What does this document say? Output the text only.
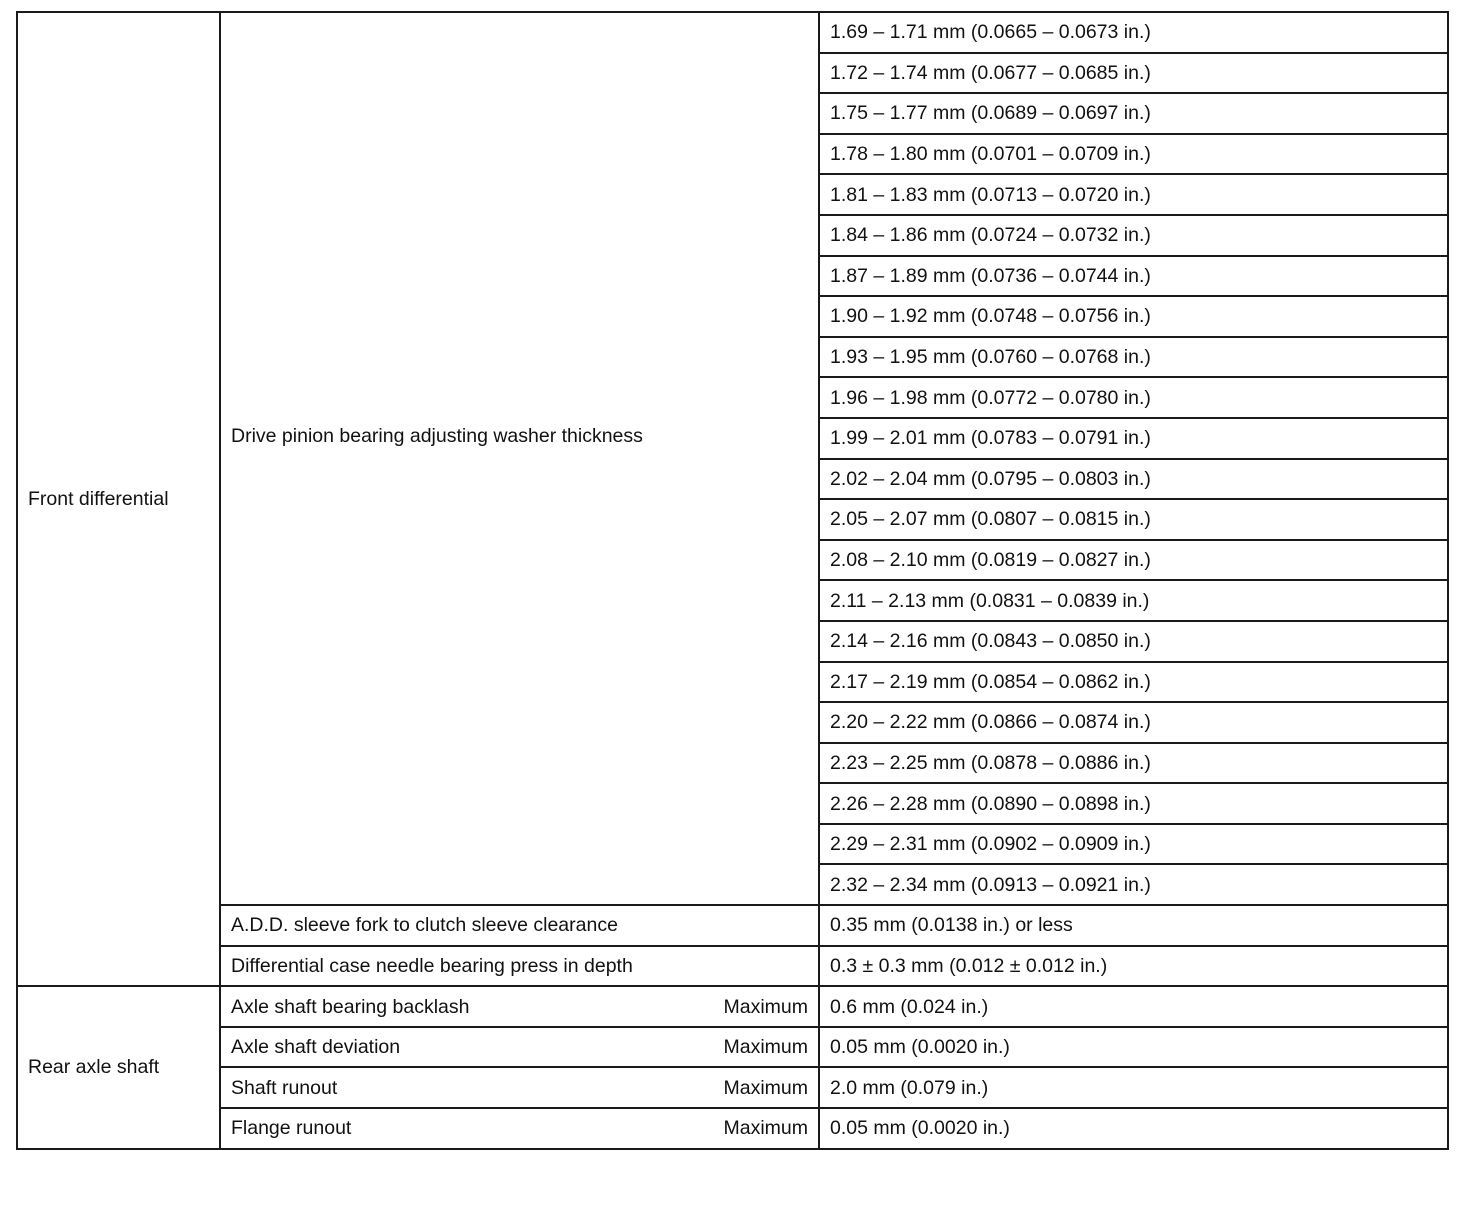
Front differential	Drive pinion bearing adjusting washer thickness	1.69 – 1.71 mm (0.0665 – 0.0673 in.)
		1.72 – 1.74 mm (0.0677 – 0.0685 in.)
		1.75 – 1.77 mm (0.0689 – 0.0697 in.)
		1.78 – 1.80 mm (0.0701 – 0.0709 in.)
		1.81 – 1.83 mm (0.0713 – 0.0720 in.)
		1.84 – 1.86 mm (0.0724 – 0.0732 in.)
		1.87 – 1.89 mm (0.0736 – 0.0744 in.)
		1.90 – 1.92 mm (0.0748 – 0.0756 in.)
		1.93 – 1.95 mm (0.0760 – 0.0768 in.)
		1.96 – 1.98 mm (0.0772 – 0.0780 in.)
		1.99 – 2.01 mm (0.0783 – 0.0791 in.)
		2.02 – 2.04 mm (0.0795 – 0.0803 in.)
		2.05 – 2.07 mm (0.0807 – 0.0815 in.)
		2.08 – 2.10 mm (0.0819 – 0.0827 in.)
		2.11 – 2.13 mm (0.0831 – 0.0839 in.)
		2.14 – 2.16 mm (0.0843 – 0.0850 in.)
		2.17 – 2.19 mm (0.0854 – 0.0862 in.)
		2.20 – 2.22 mm (0.0866 – 0.0874 in.)
		2.23 – 2.25 mm (0.0878 – 0.0886 in.)
		2.26 – 2.28 mm (0.0890 – 0.0898 in.)
		2.29 – 2.31 mm (0.0902 – 0.0909 in.)
		2.32 – 2.34 mm (0.0913 – 0.0921 in.)
	A.D.D. sleeve fork to clutch sleeve clearance	0.35 mm (0.0138 in.) or less
	Differential case needle bearing press in depth	0.3 ± 0.3 mm (0.012 ± 0.012 in.)
Rear axle shaft	Axle shaft bearing backlash Maximum	0.6 mm (0.024 in.)

	Axle shaft deviation Maximum	0.05 mm (0.0020 in.)

	Shaft runout Maximum	2.0 mm (0.079 in.)

	Flange runout Maximum	0.05 mm (0.0020 in.)
